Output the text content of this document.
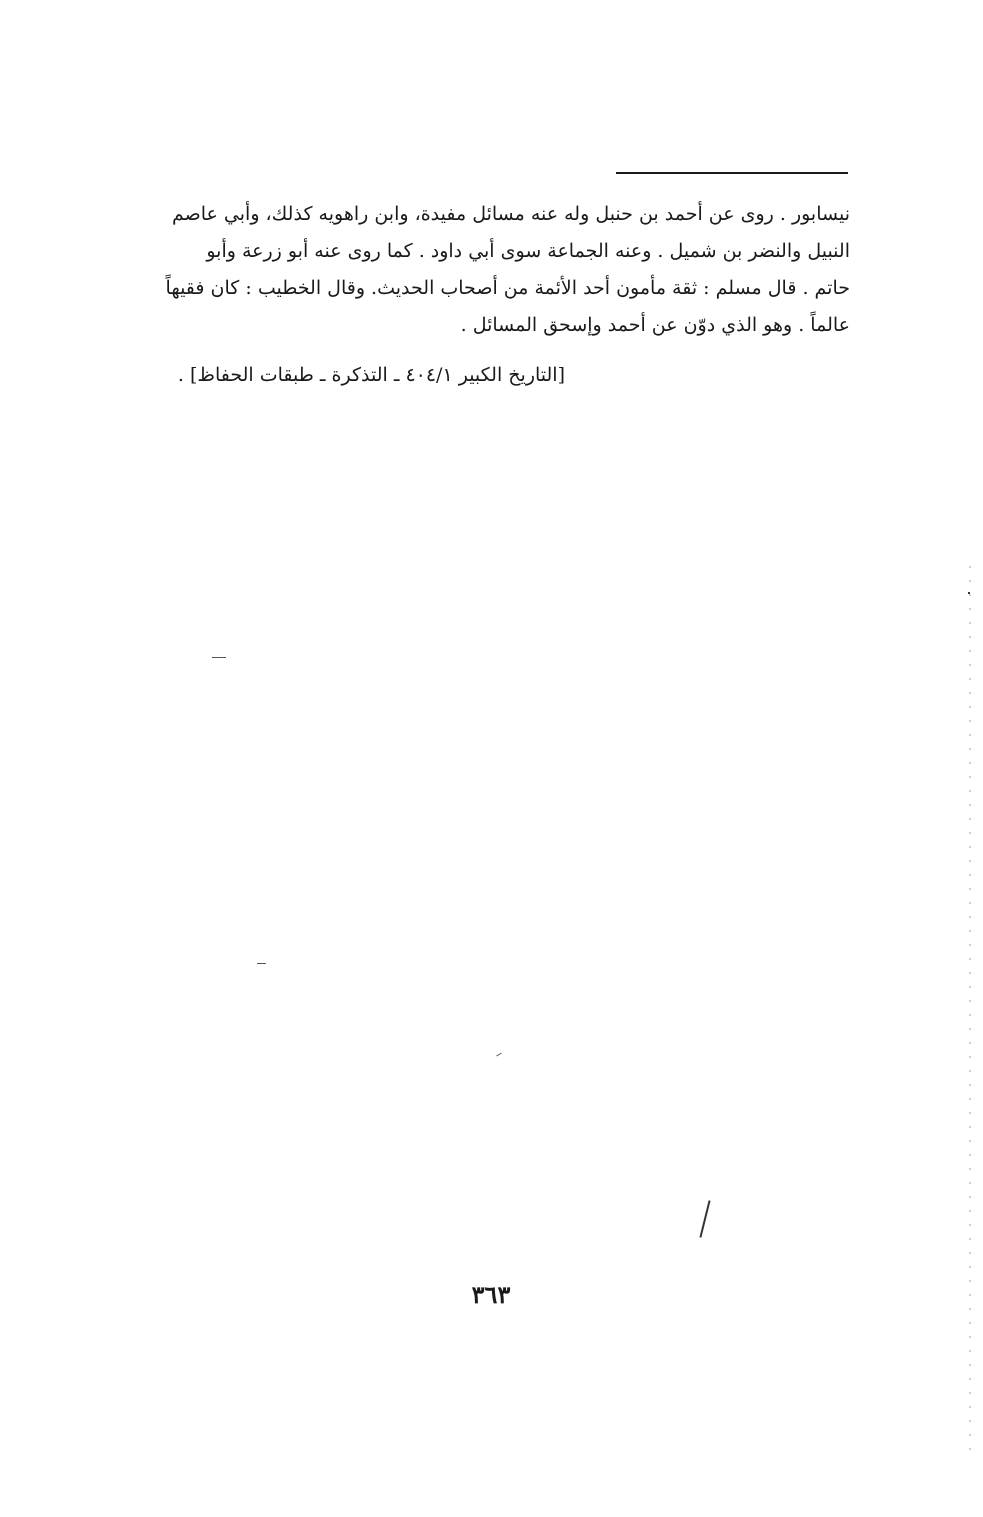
نيسابور . روى عن أحمد بن حنبل وله عنه مسائل مفيدة، وابن راهويه كذلك، وأبي عاصم

النبيل والنضر بن شميل . وعنه الجماعة سوى أبي داود . كما روى عنه أبو زرعة وأبو

حاتم . قال مسلم : ثقة مأمون أحد الأئمة من أصحاب الحديث. وقال الخطيب : كان فقيهاً

عالماً . وهو الذي دوّن عن أحمد وإسحق المسائل .

[التاريخ الكبير ٤٠٤/١ ـ التذكرة ـ طبقات الحفاظ] .
٣٦٣
